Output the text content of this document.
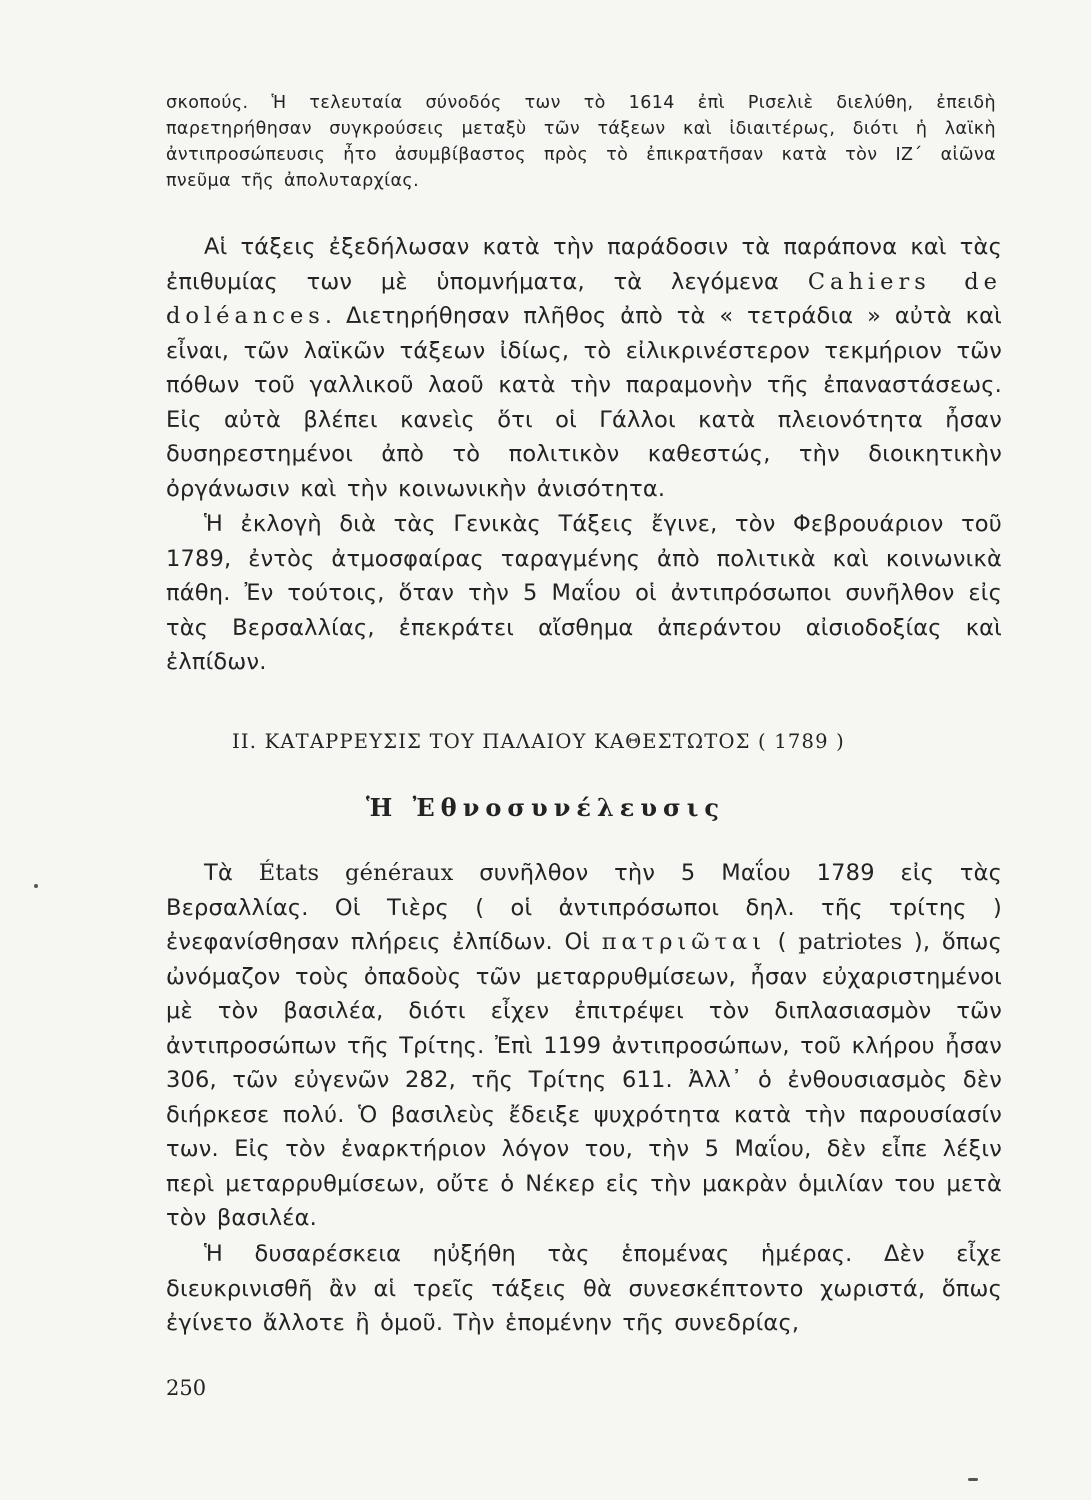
σκοπούς. Ἡ τελευταία σύνοδός των τὸ 1614 ἐπὶ Ρισελιὲ διελύθη, ἐπειδὴ παρετηρήθησαν συγκρούσεις μεταξὺ τῶν τάξεων καὶ ἰδιαιτέρως, διότι ἡ λαϊκὴ ἀντιπροσώπευσις ἦτο ἀσυμβίβαστος πρὸς τὸ ἐπικρατῆσαν κατὰ τὸν ΙΖ΄ αἰῶνα πνεῦμα τῆς ἀπολυταρχίας.

Αἱ τάξεις ἐξεδήλωσαν κατὰ τὴν παράδοσιν τὰ παράπονα καὶ τὰς ἐπιθυμίας των μὲ ὑπομνήματα, τὰ λεγόμενα Cahiers de doléances. Διετηρήθησαν πλῆθος ἀπὸ τὰ « τετράδια » αὐτὰ καὶ εἶναι, τῶν λαϊκῶν τάξεων ἰδίως, τὸ εἰλικρινέστερον τεκμήριον τῶν πόθων τοῦ γαλλικοῦ λαοῦ κατὰ τὴν παραμονὴν τῆς ἐπαναστάσεως. Εἰς αὐτὰ βλέπει κανεὶς ὅτι οἱ Γάλλοι κατὰ πλειονότητα ἦσαν δυσηρεστημένοι ἀπὸ τὸ πολιτικὸν καθεστώς, τὴν διοικητικὴν ὀργάνωσιν καὶ τὴν κοινωνικὴν ἀνισότητα.

Ἡ ἐκλογὴ διὰ τὰς Γενικὰς Τάξεις ἔγινε, τὸν Φεβρουάριον τοῦ 1789, ἐντὸς ἀτμοσφαίρας ταραγμένης ἀπὸ πολιτικὰ καὶ κοινωνικὰ πάθη. Ἐν τούτοις, ὅταν τὴν 5 Μαΐου οἱ ἀντιπρόσωποι συνῆλθον εἰς τὰς Βερσαλλίας, ἐπεκράτει αἴσθημα ἀπεράντου αἰσιοδοξίας καὶ ἐλπίδων.

II. ΚΑΤΑΡΡΕΥΣΙΣ ΤΟΥ ΠΑΛΑΙΟΥ ΚΑΘΕΣΤΩΤΟΣ ( 1789 )

Ἡ Ἐθνοσυνέλευσις

Τὰ États généraux συνῆλθον τὴν 5 Μαΐου 1789 εἰς τὰς Βερσαλλίας. Οἱ Τιὲρς ( οἱ ἀντιπρόσωποι δηλ. τῆς τρίτης ) ἐνεφανίσθησαν πλήρεις ἐλπίδων. Οἱ πατριῶται ( patriotes ), ὅπως ὠνόμαζον τοὺς ὀπαδοὺς τῶν μεταρρυθμίσεων, ἦσαν εὐχαριστημένοι μὲ τὸν βασιλέα, διότι εἶχεν ἐπιτρέψει τὸν διπλασιασμὸν τῶν ἀντιπροσώπων τῆς Τρίτης. Ἐπὶ 1199 ἀντιπροσώπων, τοῦ κλήρου ἦσαν 306, τῶν εὐγενῶν 282, τῆς Τρίτης 611. Ἀλλ᾽ ὁ ἐνθουσιασμὸς δὲν διήρκεσε πολύ. Ὁ βασιλεὺς ἔδειξε ψυχρότητα κατὰ τὴν παρουσίασίν των. Εἰς τὸν ἐναρκτήριον λόγον του, τὴν 5 Μαΐου, δὲν εἶπε λέξιν περὶ μεταρρυθμίσεων, οὔτε ὁ Νέκερ εἰς τὴν μακρὰν ὁμιλίαν του μετὰ τὸν βασιλέα.

Ἡ δυσαρέσκεια ηὐξήθη τὰς ἑπομένας ἡμέρας. Δὲν εἶχε διευκρινισθῆ ἂν αἱ τρεῖς τάξεις θὰ συνεσκέπτοντο χωριστά, ὅπως ἐγίνετο ἄλλοτε ἢ ὁμοῦ. Τὴν ἑπομένην τῆς συνεδρίας,

250
